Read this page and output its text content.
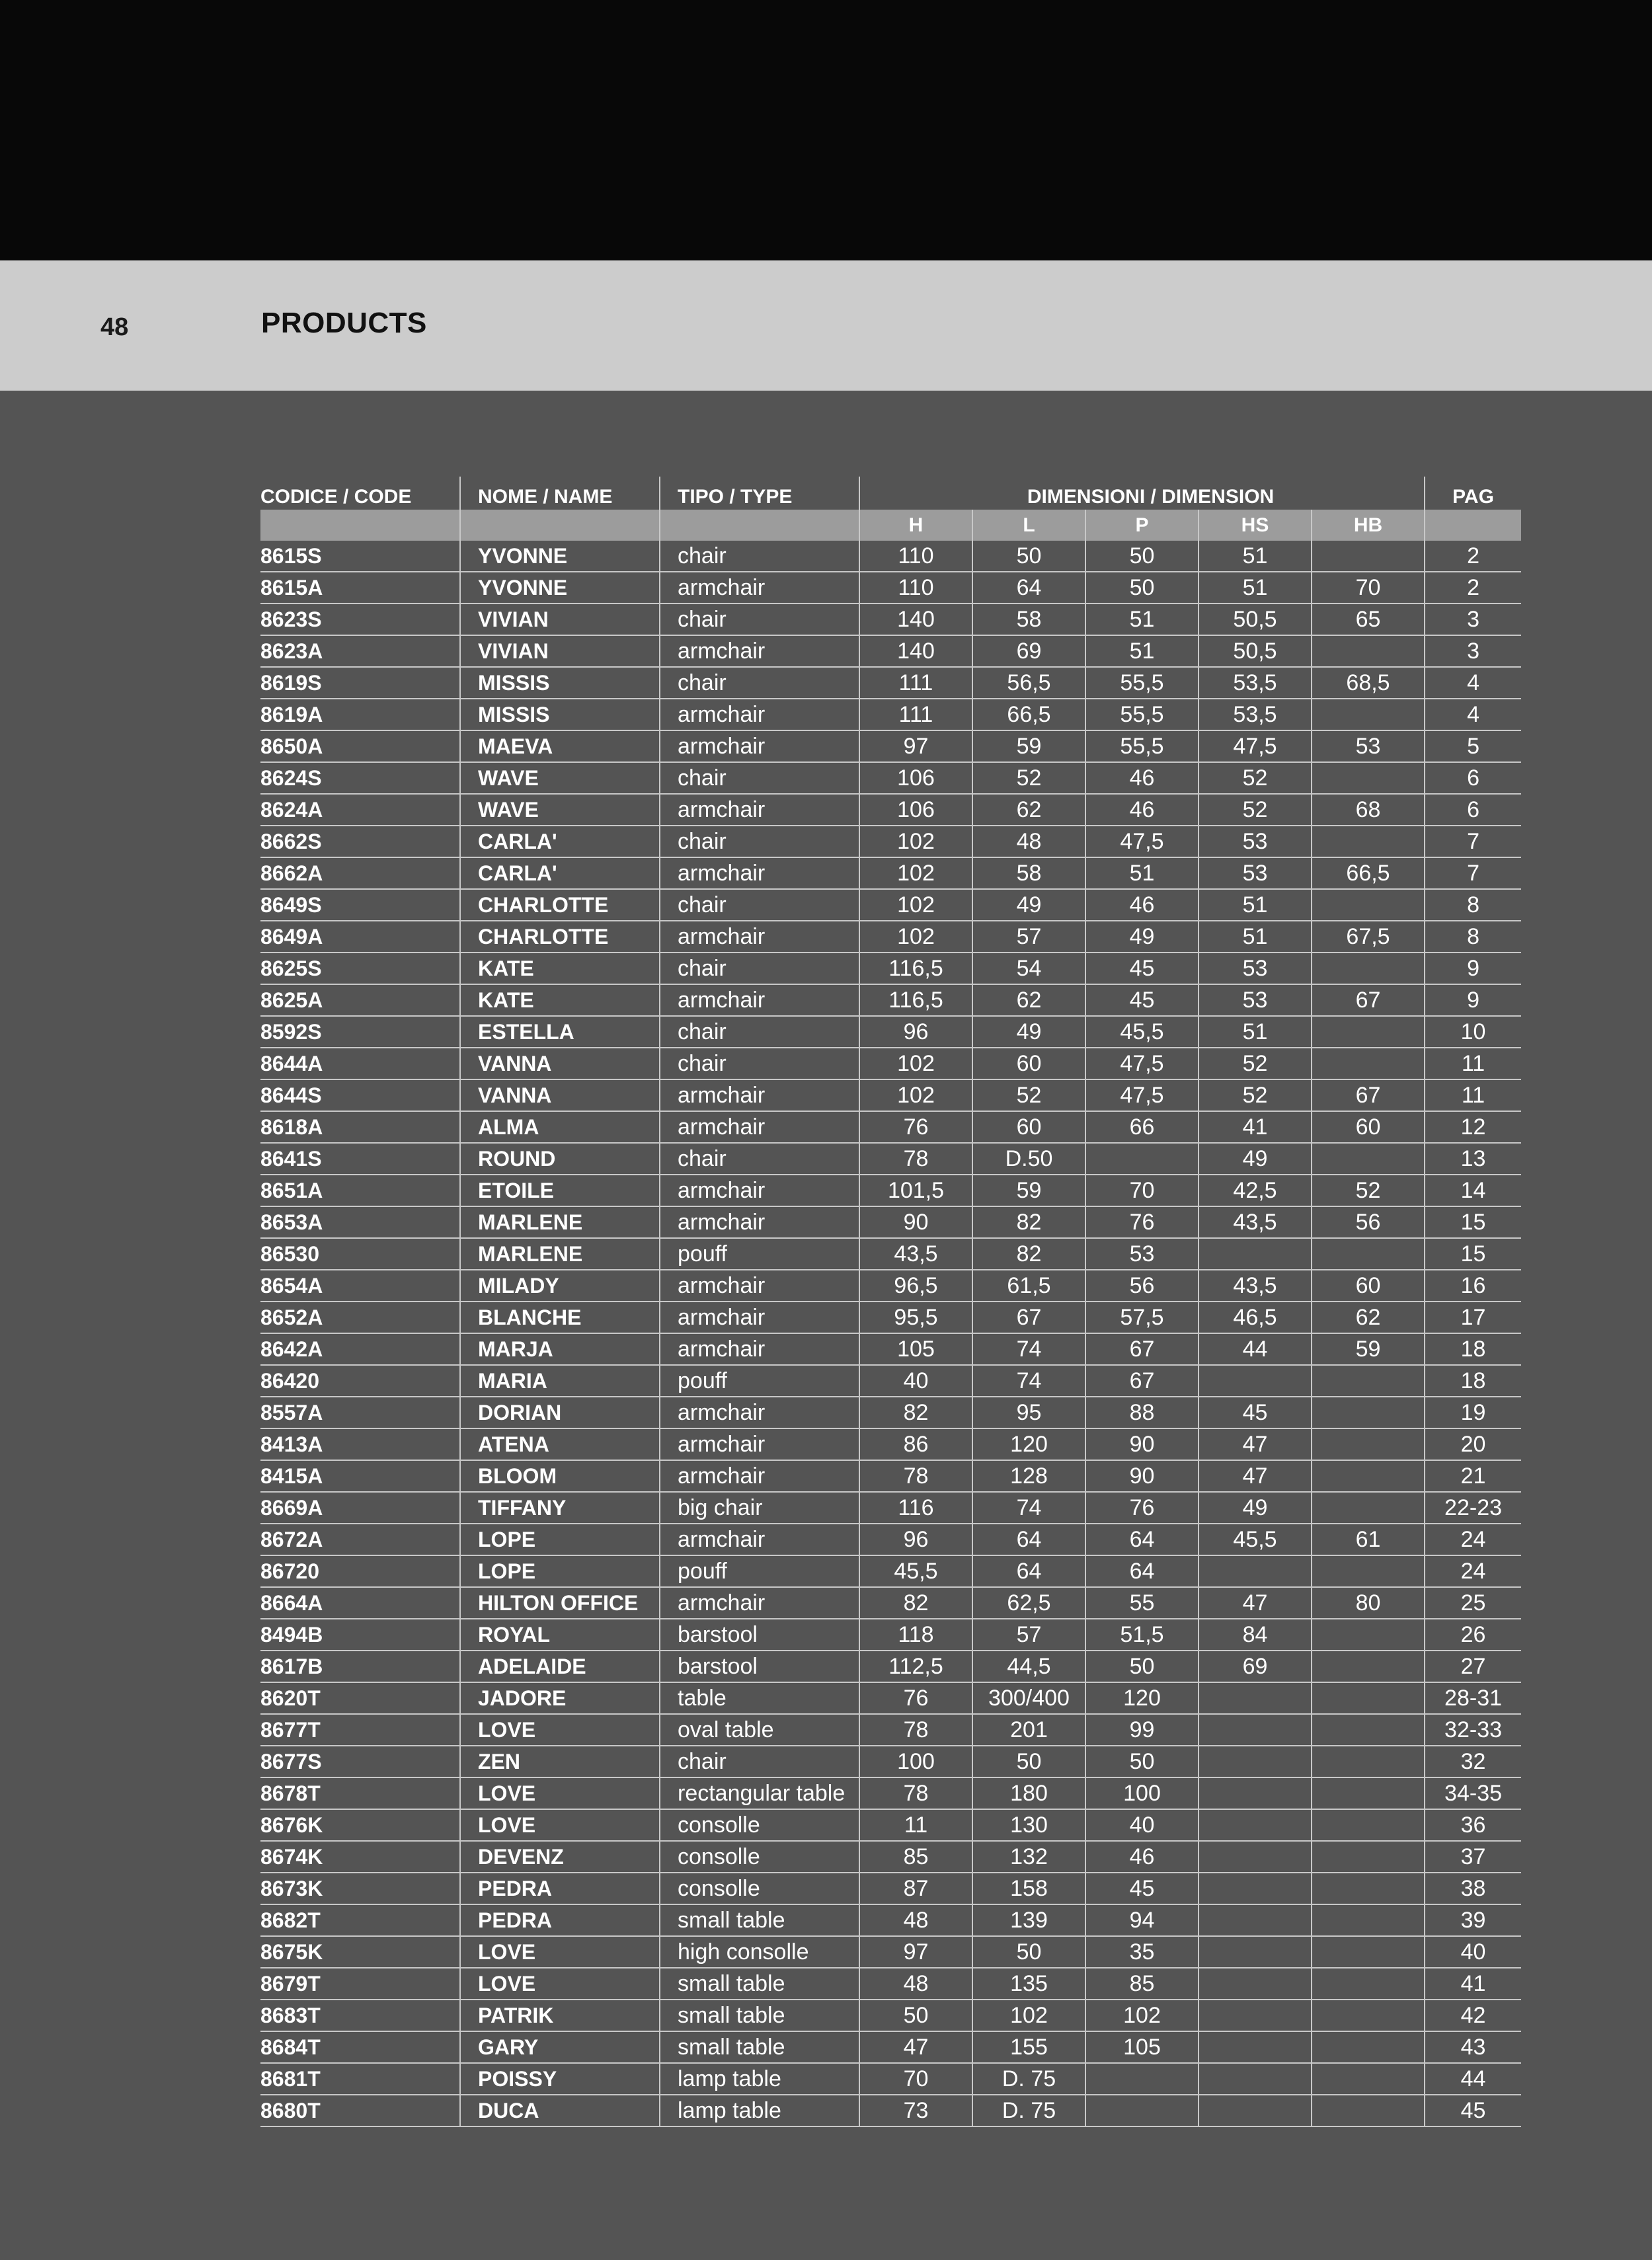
48	PRODUCTS
CODICE / CODE	NOME / NAME	TIPO / TYPE	DIMENSIONI / DIMENSION					PAG
			H	L	P	HS	HB	
8615S	YVONNE	chair	110	50	50	51		2
8615A	YVONNE	armchair	110	64	50	51	70	2
8623S	VIVIAN	chair	140	58	51	50,5	65	3
8623A	VIVIAN	armchair	140	69	51	50,5		3
8619S	MISSIS	chair	111	56,5	55,5	53,5	68,5	4
8619A	MISSIS	armchair	111	66,5	55,5	53,5		4
8650A	MAEVA	armchair	97	59	55,5	47,5	53	5
8624S	WAVE	chair	106	52	46	52		6
8624A	WAVE	armchair	106	62	46	52	68	6
8662S	CARLA'	chair	102	48	47,5	53		7
8662A	CARLA'	armchair	102	58	51	53	66,5	7
8649S	CHARLOTTE	chair	102	49	46	51		8
8649A	CHARLOTTE	armchair	102	57	49	51	67,5	8
8625S	KATE	chair	116,5	54	45	53		9
8625A	KATE	armchair	116,5	62	45	53	67	9
8592S	ESTELLA	chair	96	49	45,5	51		10
8644A	VANNA	chair	102	60	47,5	52		11
8644S	VANNA	armchair	102	52	47,5	52	67	11
8618A	ALMA	armchair	76	60	66	41	60	12
8641S	ROUND	chair	78	D.50		49		13
8651A	ETOILE	armchair	101,5	59	70	42,5	52	14
8653A	MARLENE	armchair	90	82	76	43,5	56	15
86530	MARLENE	pouff	43,5	82	53			15
8654A	MILADY	armchair	96,5	61,5	56	43,5	60	16
8652A	BLANCHE	armchair	95,5	67	57,5	46,5	62	17
8642A	MARJA	armchair	105	74	67	44	59	18
86420	MARIA	pouff	40	74	67			18
8557A	DORIAN	armchair	82	95	88	45		19
8413A	ATENA	armchair	86	120	90	47		20
8415A	BLOOM	armchair	78	128	90	47		21
8669A	TIFFANY	big chair	116	74	76	49		22-23
8672A	LOPE	armchair	96	64	64	45,5	61	24
86720	LOPE	pouff	45,5	64	64			24
8664A	HILTON OFFICE	armchair	82	62,5	55	47	80	25
8494B	ROYAL	barstool	118	57	51,5	84		26
8617B	ADELAIDE	barstool	112,5	44,5	50	69		27
8620T	JADORE	table	76	300/400	120			28-31
8677T	LOVE	oval table	78	201	99			32-33
8677S	ZEN	chair	100	50	50			32
8678T	LOVE	rectangular table	78	180	100			34-35
8676K	LOVE	consolle	11	130	40			36
8674K	DEVENZ	consolle	85	132	46			37
8673K	PEDRA	consolle	87	158	45			38
8682T	PEDRA	small table	48	139	94			39
8675K	LOVE	high consolle	97	50	35			40
8679T	LOVE	small table	48	135	85			41
8683T	PATRIK	small table	50	102	102			42
8684T	GARY	small table	47	155	105			43
8681T	POISSY	lamp table	70	D. 75				44
8680T	DUCA	lamp table	73	D. 75				45
